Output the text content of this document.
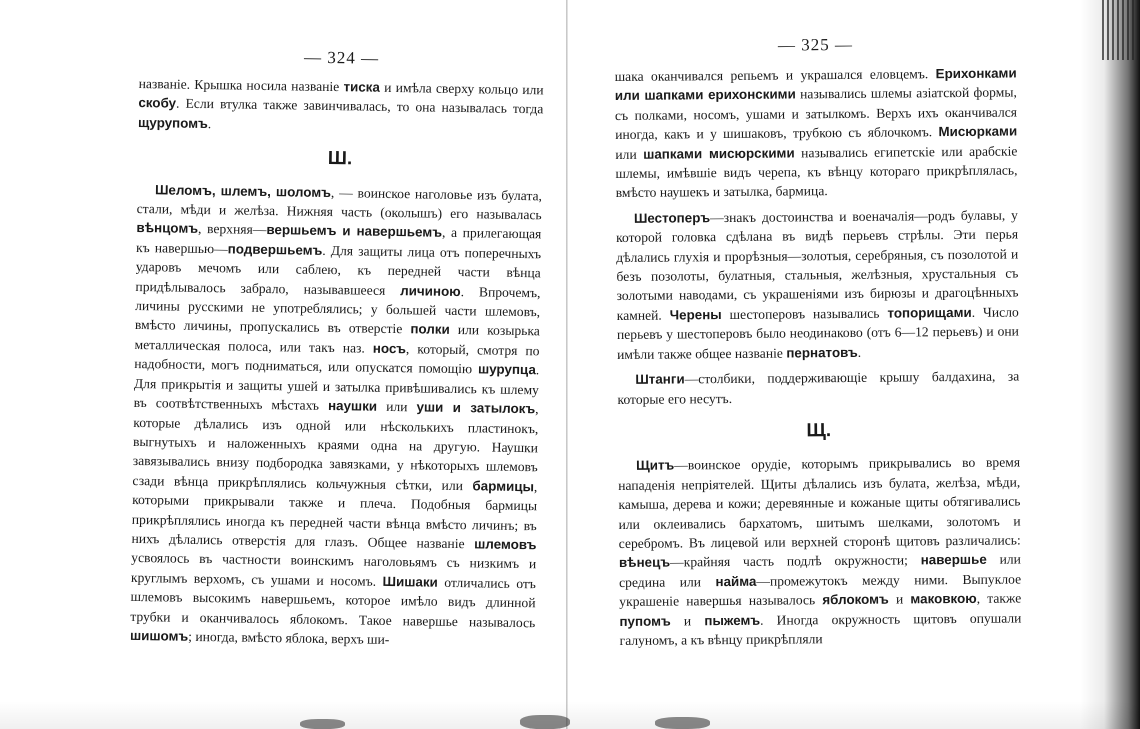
— 324 —

названіе. Крышка носила названіе тиска и имѣла сверху кольцо или скобу. Если втулка также завинчивалась, то она называлась тогда щурупомъ.

Ш.

Шеломъ, шлемъ, шоломъ, — воинское наголовье изъ булата, стали, мѣди и желѣза. Нижняя часть (околышъ) его называлась вѣнцомъ, верхняя—вершьемъ и навершьемъ, а прилегающая къ навершью—подвершьемъ. Для защиты лица отъ поперечныхъ ударовъ мечомъ или саблею, къ передней части вѣнца придѣлывалось забрало, называвшееся личиною. Впрочемъ, личины русскими не употреблялись; у большей части шлемовъ, вмѣсто личины, пропускались въ отверстіе полки или козырька металлическая полоса, или такъ наз. носъ, который, смотря по надобности, могъ подниматься, или опускатся помощію шурупца. Для прикрытія и защиты ушей и затылка привѣшивались къ шлему въ соотвѣтственныхъ мѣстахъ наушки или уши и затылокъ, которые дѣлались изъ одной или нѣсколькихъ пластинокъ, выгнутыхъ и наложенныхъ краями одна на другую. Наушки завязывались внизу подбородка завязками, у нѣкоторыхъ шлемовъ сзади вѣнца прикрѣплялись кольчужныя сѣтки, или бармицы, которыми прикрывали также и плеча. Подобныя бармицы прикрѣплялись иногда къ передней части вѣнца вмѣсто личинъ; въ нихъ дѣлались отверстія для глазъ. Общее названіе шлемовъ усвоялось въ частности воинскимъ наголовьямъ съ низкимъ и круглымъ верхомъ, съ ушами и носомъ. Шишаки отличались отъ шлемовъ высокимъ навершьемъ, которое имѣло видъ длинной трубки и оканчивалось яблокомъ. Такое навершье называлось шишомъ; иногда, вмѣсто яблока, верхъ ши-

— 325 —

шака оканчивался репьемъ и украшался еловцемъ. Ерихонками или шапками ерихонскими назывались шлемы азіатской формы, съ полками, носомъ, ушами и затылкомъ. Верхъ ихъ оканчивался иногда, какъ и у шишаковъ, трубкою съ яблочкомъ. Мисюрками или шапками мисюрскими назывались египетскіе или арабскіе шлемы, имѣвшіе видъ черепа, къ вѣнцу котораго прикрѣплялась, вмѣсто наушекъ и затылка, бармица.

Шестоперъ—знакъ достоинства и военачалія—родъ булавы, у которой головка сдѣлана въ видѣ перьевъ стрѣлы. Эти перья дѣлались глухія и прорѣзныя—золотыя, серебряныя, съ позолотой и безъ позолоты, булатныя, стальныя, желѣзныя, хрустальныя съ золотыми наводами, съ украшеніями изъ бирюзы и драгоцѣнныхъ камней. Черены шестоперовъ назывались топорищами. Число перьевъ у шестоперовъ было неодинаково (отъ 6—12 перьевъ) и они имѣли также общее названіе пернатовъ.

Штанги—столбики, поддерживающіе крышу балдахина, за которые его несутъ.

Щ.

Щитъ—воинское орудіе, которымъ прикрывались во время нападенія непріятелей. Щиты дѣлались изъ булата, желѣза, мѣди, камыша, дерева и кожи; деревянные и кожаные щиты обтягивались или оклеивались бархатомъ, шитымъ шелками, золотомъ и серебромъ. Въ лицевой или верхней сторонѣ щитовъ различались: вѣнецъ—крайняя часть подлѣ окружности; навершье или средина или найма—промежутокъ между ними. Выпуклое украшеніе навершья называлось яблокомъ и маковкою, также пупомъ и пыжемъ. Иногда окружность щитовъ опушали галуномъ, а къ вѣнцу прикрѣпляли
